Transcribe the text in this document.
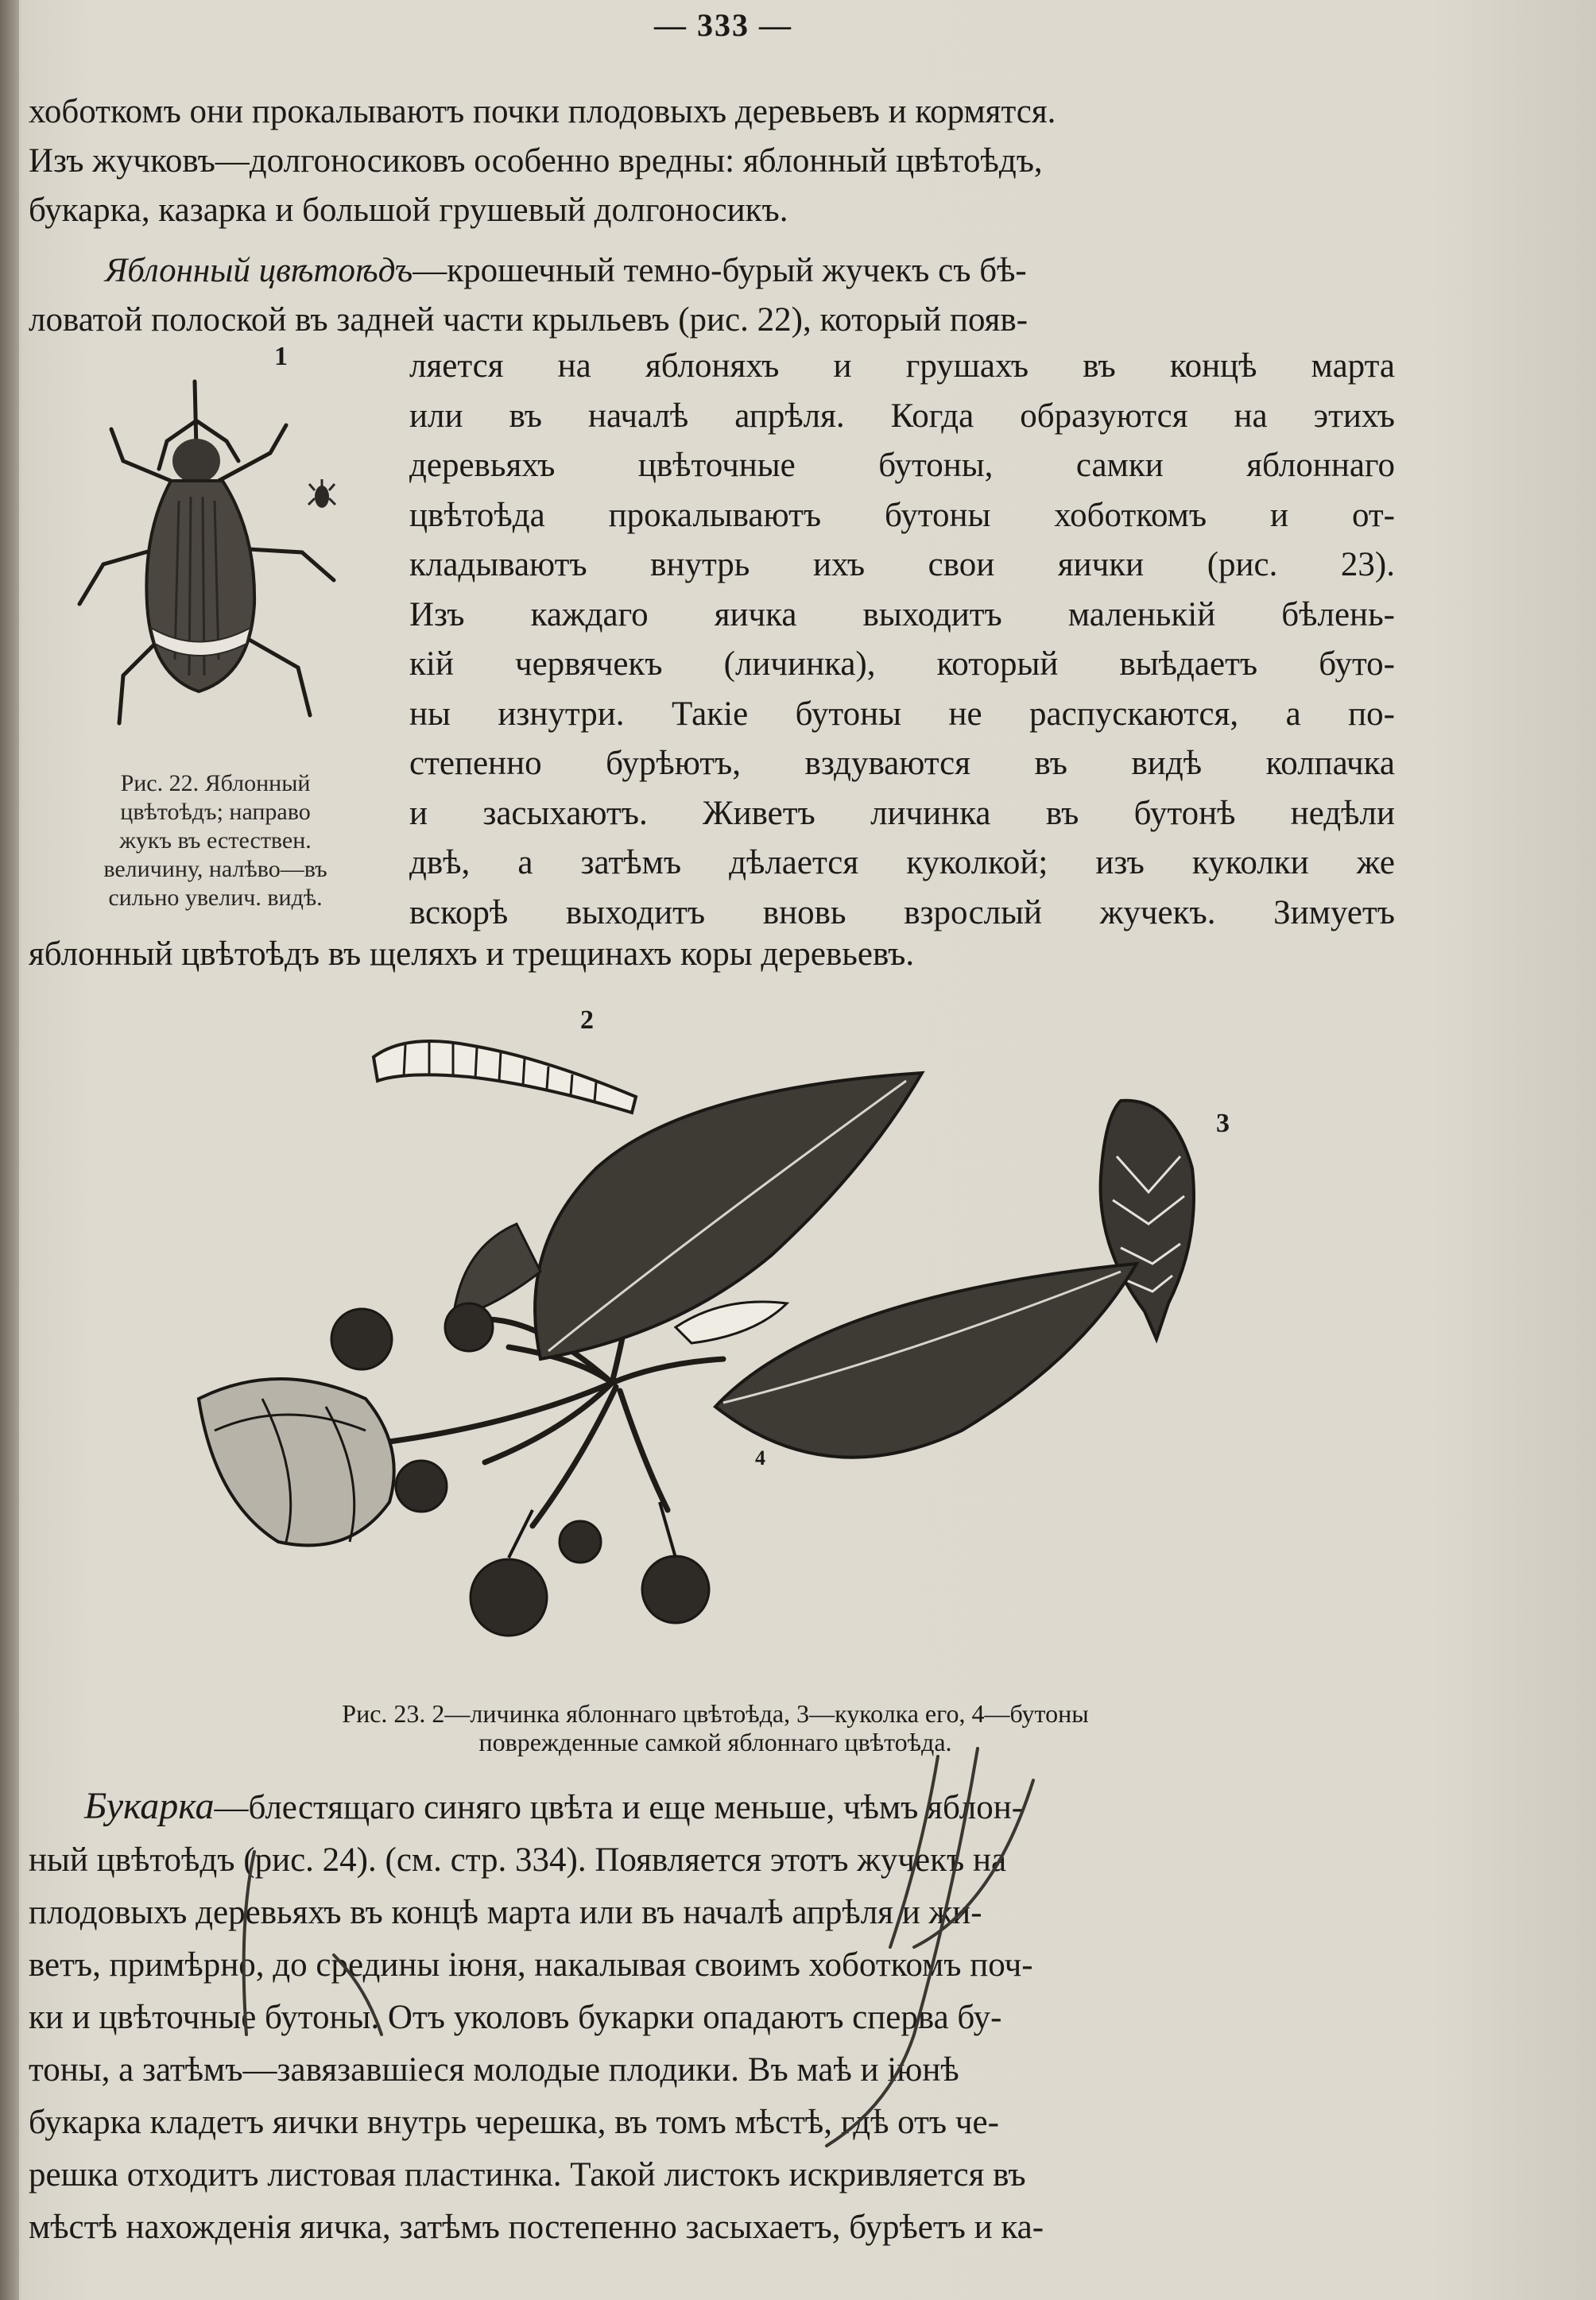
— 333 —
хоботкомъ они прокалываютъ почки плодовыхъ деревьевъ и кормятся.
Изъ жучковъ—долгоносиковъ особенно вредны: яблонный цвѣтоѣдъ,
букарка, казарка и большой грушевый долгоносикъ.
Яблонный цвѣтоѣдъ—крошечный темно-бурый жучекъ съ бѣ-
ловатой полоской въ задней части крыльевъ (рис. 22), который появ-
1
Рис. 22. Яблонный
цвѣтоѣдъ; направо
жукъ въ естествен.
величину, налѣво—въ
сильно увелич. видѣ.
ляется на яблоняхъ и грушахъ въ концѣ марта
или въ началѣ апрѣля. Когда образуются на этихъ
деревьяхъ цвѣточные бутоны, самки яблоннаго
цвѣтоѣда прокалываютъ бутоны хоботкомъ и от-
кладываютъ внутрь ихъ свои яички (рис. 23).
Изъ каждаго яичка выходитъ маленькій бѣлень-
кій червячекъ (личинка), который выѣдаетъ буто-
ны изнутри. Такіе бутоны не распускаются, а по-
степенно бурѣютъ, вздуваются въ видѣ колпачка
и засыхаютъ. Живетъ личинка въ бутонѣ недѣли
двѣ, а затѣмъ дѣлается куколкой; изъ куколки же
вскорѣ выходитъ вновь взрослый жучекъ. Зимуетъ
яблонный цвѣтоѣдъ въ щеляхъ и трещинахъ коры деревьевъ.
2
3
4
Рис. 23. 2—личинка яблоннаго цвѣтоѣда, 3—куколка его, 4—бутоны
поврежденные самкой яблоннаго цвѣтоѣда.
Букарка—блестящаго синяго цвѣта и еще меньше, чѣмъ яблон-
ный цвѣтоѣдъ (рис. 24). (см. стр. 334). Появляется этотъ жучекъ на
плодовыхъ деревьяхъ въ концѣ марта или въ началѣ апрѣля и жи-
ветъ, примѣрно, до средины іюня, накалывая своимъ хоботкомъ поч-
ки и цвѣточные бутоны. Отъ уколовъ букарки опадаютъ сперва бу-
тоны, а затѣмъ—завязавшіеся молодые плодики. Въ маѣ и іюнѣ
букарка кладетъ яички внутрь черешка, въ томъ мѣстѣ, гдѣ отъ че-
решка отходитъ листовая пластинка. Такой листокъ искривляется въ
мѣстѣ нахожденія яичка, затѣмъ постепенно засыхаетъ, бурѣетъ и ка-
